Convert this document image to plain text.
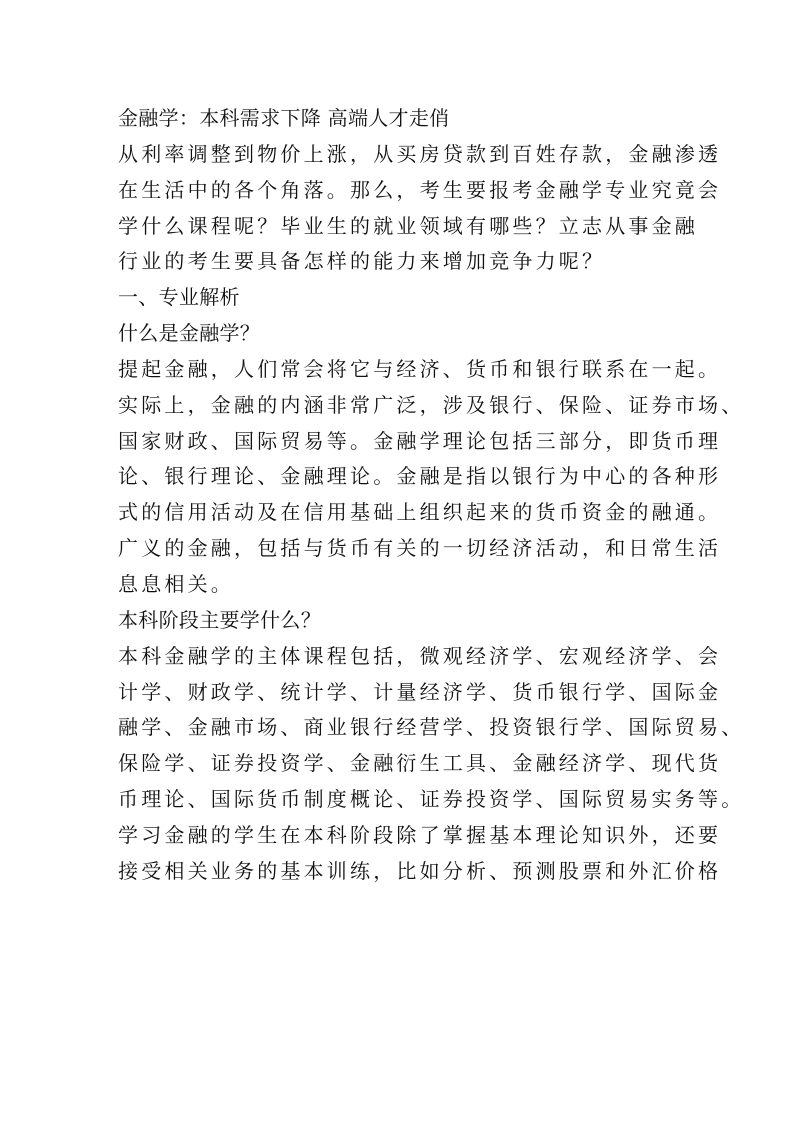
金融学：本科需求下降 高端人才走俏
从利率调整到物价上涨，从买房贷款到百姓存款，金融渗透
在生活中的各个角落。那么，考生要报考金融学专业究竟会
学什么课程呢？毕业生的就业领域有哪些？立志从事金融
行业的考生要具备怎样的能力来增加竞争力呢？
一、专业解析
什么是金融学？
提起金融，人们常会将它与经济、货币和银行联系在一起。
实际上，金融的内涵非常广泛，涉及银行、保险、证券市场、
国家财政、国际贸易等。金融学理论包括三部分，即货币理
论、银行理论、金融理论。金融是指以银行为中心的各种形
式的信用活动及在信用基础上组织起来的货币资金的融通。
广义的金融，包括与货币有关的一切经济活动，和日常生活
息息相关。
本科阶段主要学什么？
本科金融学的主体课程包括，微观经济学、宏观经济学、会
计学、财政学、统计学、计量经济学、货币银行学、国际金
融学、金融市场、商业银行经营学、投资银行学、国际贸易、
保险学、证券投资学、金融衍生工具、金融经济学、现代货
币理论、国际货币制度概论、证券投资学、国际贸易实务等。
学习金融的学生在本科阶段除了掌握基本理论知识外，还要
接受相关业务的基本训练，比如分析、预测股票和外汇价格
